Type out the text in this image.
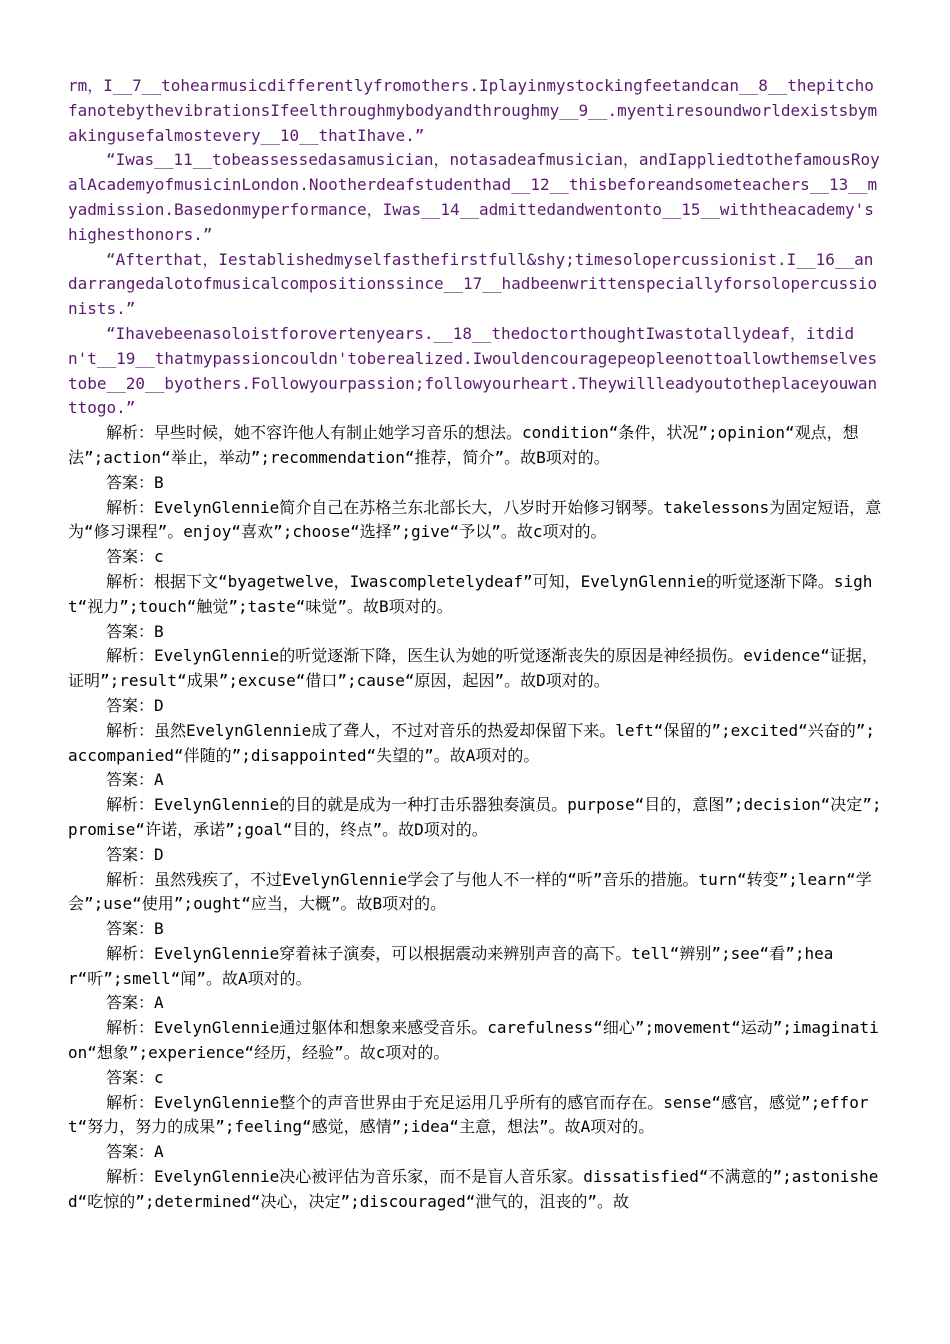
rm，I__7__tohearmusicdifferentlyfromothers.Iplayinmystockingfeetandcan__8__thepitchofanotebythevibrationsIfeelthroughmybodyandthroughmy__9__.myentiresoundworldexistsbymakingusefalmostevery__10__thatIhave.”

“Iwas__11__tobeassessedasamusician，notasadeafmusician，andIappliedtothefamousRoyalAcademyofmusicinLondon.Nootherdeafstudenthad__12__thisbeforeandsometeachers__13__myadmission.Basedonmyperformance，Iwas__14__admittedandwentonto__15__withtheacademy'shighesthonors.”

“Afterthat，Iestablishedmyselfasthefirstfull&shy;timesolopercussionist.I__16__andarrangedalotofmusicalcompositionssince__17__hadbeenwrittenspeciallyforsolopercussionists.”

“Ihavebeenasoloistforovertenyears.__18__thedoctorthoughtIwastotallydeaf，itdidn't__19__thatmypassioncouldn'toberealized.Iwouldencouragepeopleenottoallowthemselvestobe__20__byothers.Followyourpassion;followyourheart.Theywillleadyoutotheplaceyouwanttogo.”

解析：早些时候，她不容许他人有制止她学习音乐的想法。condition“条件，状况”;opinion“观点，想法”;action“举止，举动”;recommendation“推荐，简介”。故B项对的。

答案：B

解析：EvelynGlennie简介自己在苏格兰东北部长大，八岁时开始修习钢琴。takelessons为固定短语，意为“修习课程”。enjoy“喜欢”;choose“选择”;give“予以”。故c项对的。

答案：c

解析：根据下文“byagetwelve，Iwascompletelydeaf”可知，EvelynGlennie的听觉逐渐下降。sight“视力”;touch“触觉”;taste“味觉”。故B项对的。

答案：B

解析：EvelynGlennie的听觉逐渐下降，医生认为她的听觉逐渐丧失的原因是神经损伤。evidence“证据，证明”;result“成果”;excuse“借口”;cause“原因，起因”。故D项对的。

答案：D

解析：虽然EvelynGlennie成了聋人，不过对音乐的热爱却保留下来。left“保留的”;excited“兴奋的”;accompanied“伴随的”;disappointed“失望的”。故A项对的。

答案：A

解析：EvelynGlennie的目的就是成为一种打击乐器独奏演员。purpose“目的，意图”;decision“决定”;promise“许诺，承诺”;goal“目的，终点”。故D项对的。

答案：D

解析：虽然残疾了，不过EvelynGlennie学会了与他人不一样的“听”音乐的措施。turn“转变”;learn“学会”;use“使用”;ought“应当，大概”。故B项对的。

答案：B

解析：EvelynGlennie穿着袜子演奏，可以根据震动来辨别声音的高下。tell“辨别”;see“看”;hear“听”;smell“闻”。故A项对的。

答案：A

解析：EvelynGlennie通过躯体和想象来感受音乐。carefulness“细心”;movement“运动”;imagination“想象”;experience“经历，经验”。故c项对的。

答案：c

解析：EvelynGlennie整个的声音世界由于充足运用几乎所有的感官而存在。sense“感官，感觉”;effort“努力，努力的成果”;feeling“感觉，感情”;idea“主意，想法”。故A项对的。

答案：A

解析：EvelynGlennie决心被评估为音乐家，而不是盲人音乐家。dissatisfied“不满意的”;astonished“吃惊的”;determined“决心，决定”;discouraged“泄气的，沮丧的”。故
